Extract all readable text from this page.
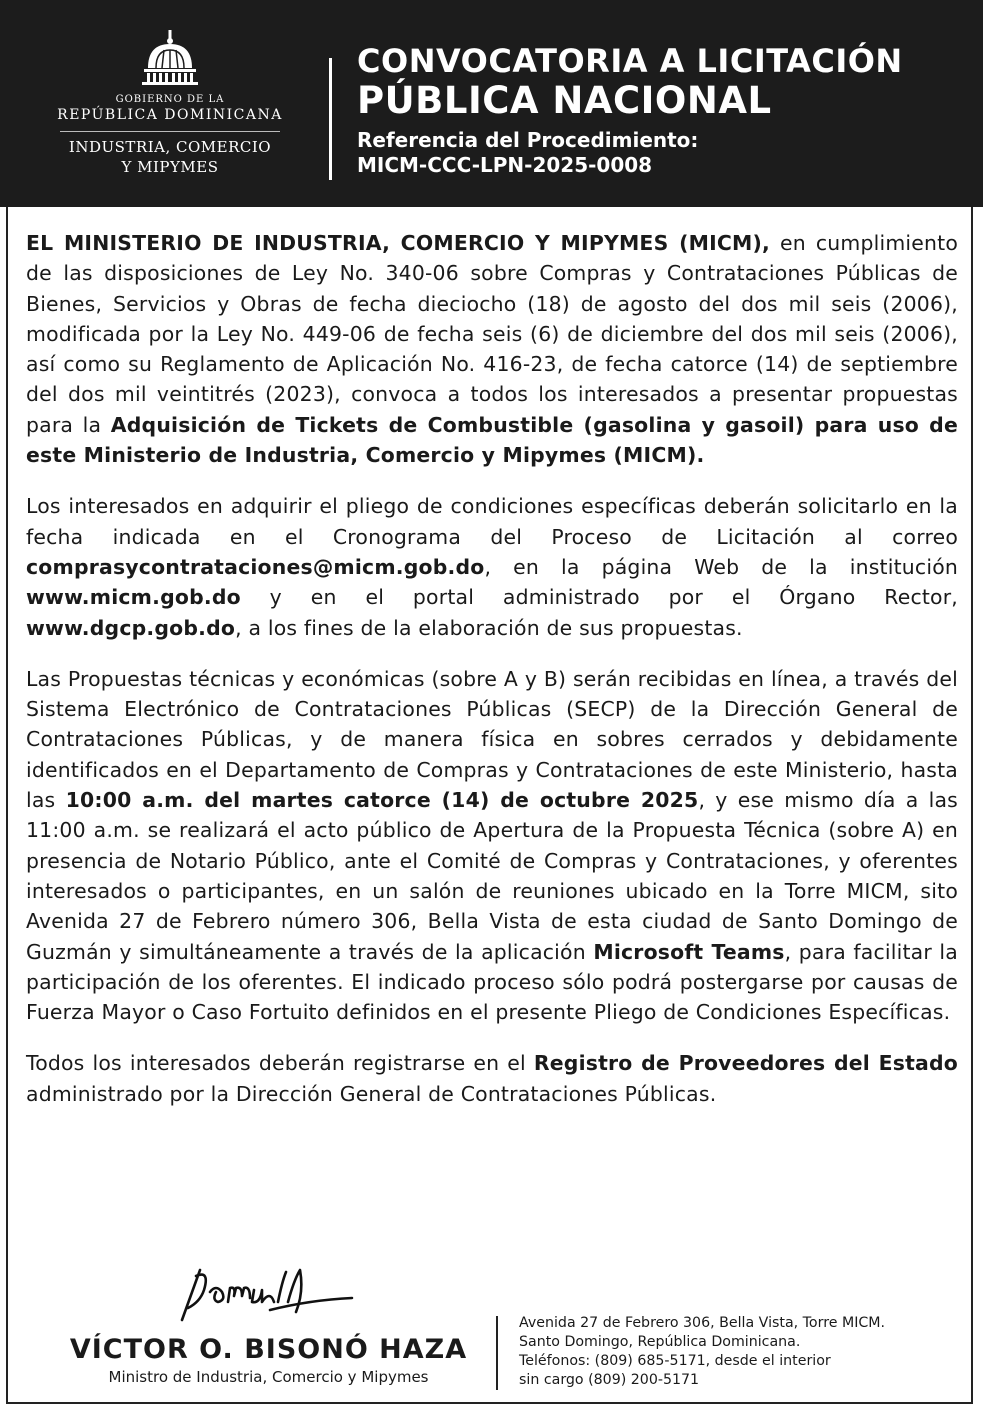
GOBIERNO DE LA
REPÚBLICA DOMINICANA
INDUSTRIA, COMERCIO
Y MIPYMES
CONVOCATORIA A LICITACIÓN
PÚBLICA NACIONAL
Referencia del Procedimiento:
MICM-CCC-LPN-2025-0008

EL MINISTERIO DE INDUSTRIA, COMERCIO Y MIPYMES (MICM), en cumplimiento de las disposiciones de Ley No. 340-06 sobre Compras y Contrataciones Públicas de Bienes, Servicios y Obras de fecha dieciocho (18) de agosto del dos mil seis (2006), modificada por la Ley No. 449-06 de fecha seis (6) de diciembre del dos mil seis (2006), así como su Reglamento de Aplicación No. 416-23, de fecha catorce (14) de septiembre del dos mil veintitrés (2023), convoca a todos los interesados a presentar propuestas para la Adquisición de Tickets de Combustible (gasolina y gasoil) para uso de este Ministerio de Industria, Comercio y Mipymes (MICM).

Los interesados en adquirir el pliego de condiciones específicas deberán solicitarlo en la fecha indicada en el Cronograma del Proceso de Licitación al correo comprasycontrataciones@micm.gob.do, en la página Web de la institución www.micm.gob.do y en el portal administrado por el Órgano Rector, www.dgcp.gob.do, a los fines de la elaboración de sus propuestas.

Las Propuestas técnicas y económicas (sobre A y B) serán recibidas en línea, a través del Sistema Electrónico de Contrataciones Públicas (SECP) de la Dirección General de Contrataciones Públicas, y de manera física en sobres cerrados y debidamente identificados en el Departamento de Compras y Contrataciones de este Ministerio, hasta las 10:00 a.m. del martes catorce (14) de octubre 2025, y ese mismo día a las 11:00 a.m. se realizará el acto público de Apertura de la Propuesta Técnica (sobre A) en presencia de Notario Público, ante el Comité de Compras y Contrataciones, y oferentes interesados o participantes, en un salón de reuniones ubicado en la Torre MICM, sito Avenida 27 de Febrero número 306, Bella Vista de esta ciudad de Santo Domingo de Guzmán y simultáneamente a través de la aplicación Microsoft Teams, para facilitar la participación de los oferentes. El indicado proceso sólo podrá postergarse por causas de Fuerza Mayor o Caso Fortuito definidos en el presente Pliego de Condiciones Específicas.

Todos los interesados deberán registrarse en el Registro de Proveedores del Estado administrado por la Dirección General de Contrataciones Públicas.

VÍCTOR O. BISONÓ HAZA
Ministro de Industria, Comercio y Mipymes
Avenida 27 de Febrero 306, Bella Vista, Torre MICM.
Santo Domingo, República Dominicana.
Teléfonos: (809) 685-5171, desde el interior
sin cargo (809) 200-5171
